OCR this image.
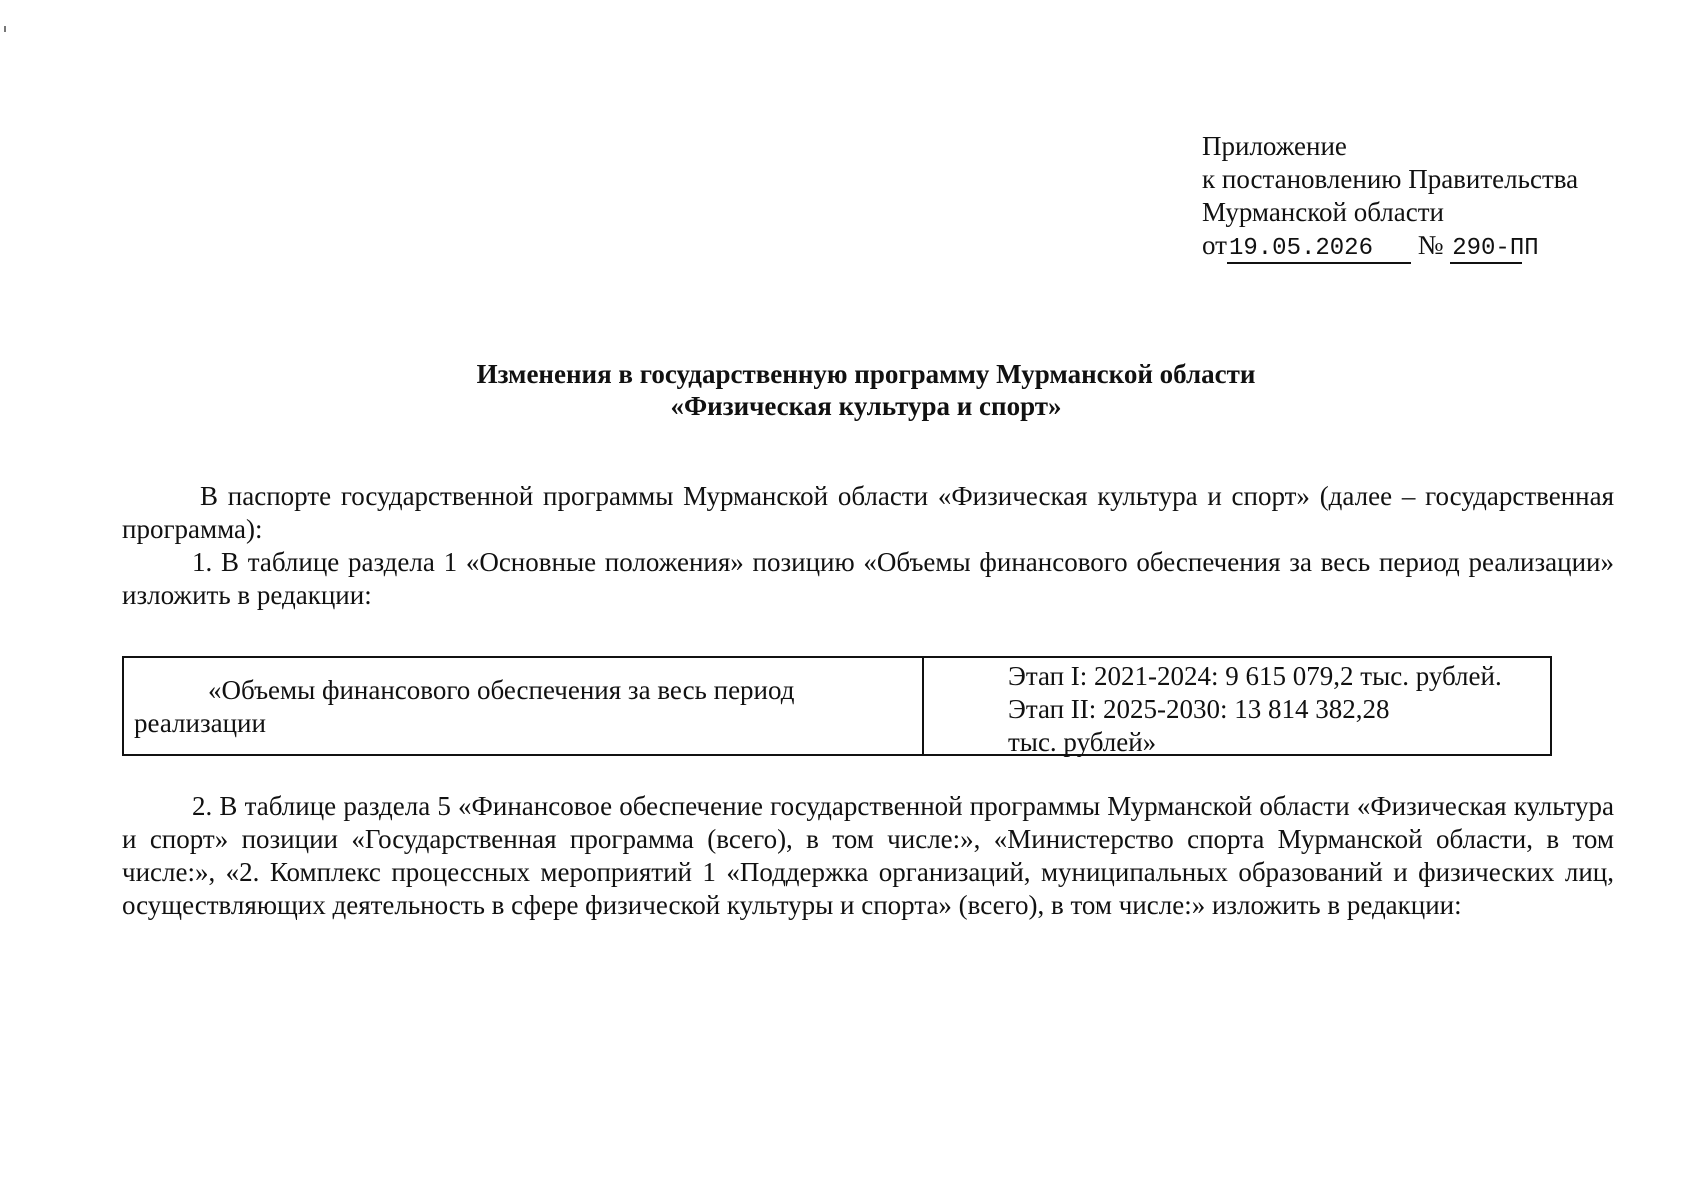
Приложение
к постановлению Правительства
Мурманской области
от19.05.2026 № 290-ПП
Изменения в государственную программу Мурманской области
«Физическая культура и спорт»
В паспорте государственной программы Мурманской области «Физическая культура и спорт» (далее – государственная программа):
1. В таблице раздела 1 «Основные положения» позицию «Объемы финансового обеспечения за весь период реализации» изложить в редакции:
«Объемы финансового обеспечения за весь период реализации
Этап I: 2021-2024: 9 615 079,2 тыс. рублей.
Этап II: 2025-2030: 13 814 382,28
тыс. рублей»
2. В таблице раздела 5 «Финансовое обеспечение государственной программы Мурманской области «Физическая культура и спорт» позиции «Государственная программа (всего), в том числе:», «Министерство спорта Мурманской области, в том числе:», «2. Комплекс процессных мероприятий 1 «Поддержка организаций, муниципальных образований и физических лиц, осуществляющих деятельность в сфере физической культуры и спорта» (всего), в том числе:» изложить в редакции:
